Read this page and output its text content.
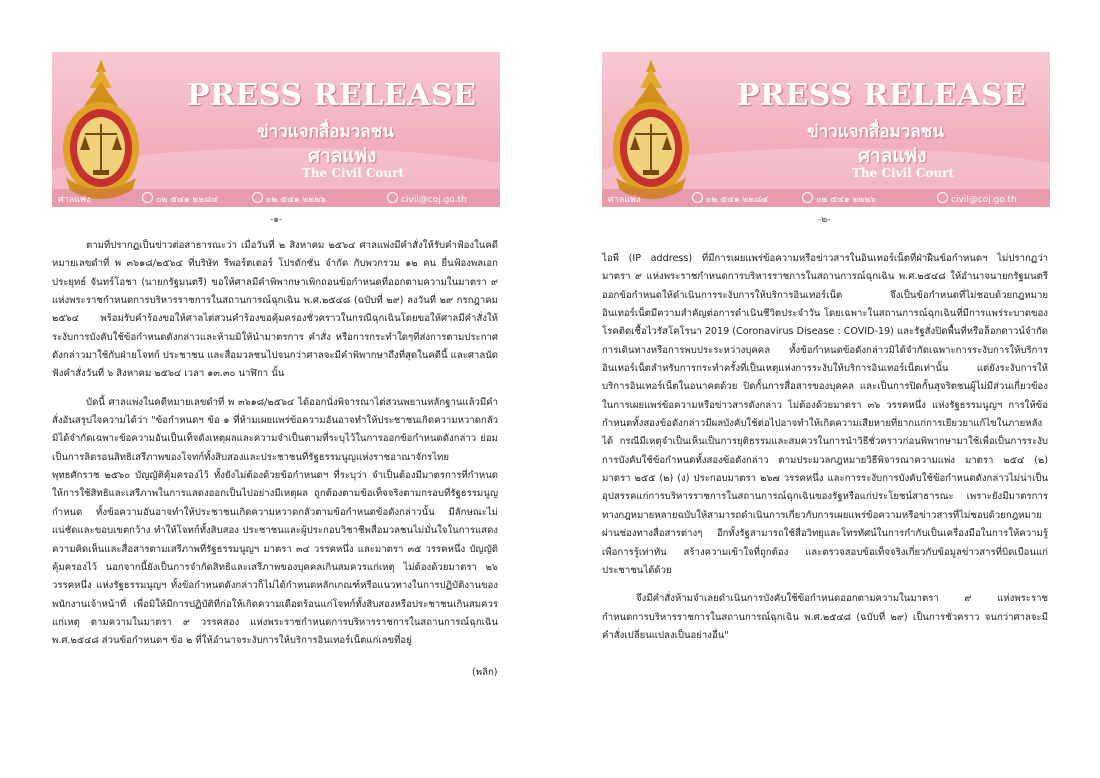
PRESS RELEASE
ข่าวแจกสื่อมวลชน
ศาลแพ่ง
The Civil Court
ศาลแพ่ง	๐๒ ๕๔๑ ๒๒๘๔	๐๒ ๕๔๑ ๒๒๒๖	civil@coj.go.th
-๑-

ตามที่ปรากฏเป็นข่าวต่อสาธารณะว่า เมื่อวันที่ ๒ สิงหาคม ๒๕๖๔ ศาลแพ่งมีคำสั่งให้รับคำฟ้องในคดีหมายเลขดำที่ พ ๓๖๑๘/๒๕๖๔ ที่บริษัท รีพอร์ตเตอร์ โปรดักชั่น จำกัด กับพวกรวม ๑๒ คน ยื่นฟ้องพลเอกประยุทธ์ จันทร์โอชา (นายกรัฐมนตรี) ขอให้ศาลมีคำพิพากษาเพิกถอนข้อกำหนดที่ออกตามความในมาตรา ๙ แห่งพระราชกำหนดการบริหารราชการในสถานการณ์ฉุกเฉิน พ.ศ.๒๕๔๘ (ฉบับที่ ๒๙) ลงวันที่ ๒๙ กรกฎาคม ๒๕๖๔ พร้อมรับคำร้องขอให้ศาลไต่สวนคำร้องขอคุ้มครองชั่วคราวในกรณีฉุกเฉินโดยขอให้ศาลมีคำสั่งให้ระงับการบังคับใช้ข้อกำหนดดังกล่าวและห้ามมิให้นำมาตรการ คำสั่ง หรือการกระทำใดๆที่ส่งการตามประกาศดังกล่าวมาใช้กับฝ่ายโจทก์ ประชาชน และสื่อมวลชนไปจนกว่าศาลจะมีคำพิพากษาถึงที่สุดในคดีนี้ และศาลนัดฟังคำสั่งวันที่ ๖ สิงหาคม ๒๕๖๔ เวลา ๑๓.๓๐ นาฬิกา นั้น

บัดนี้ ศาลแพ่งในคดีหมายเลขดำที่ พ ๓๖๑๘/๒๕๖๔ ได้ออกนั่งพิจารณาไต่สวนพยานหลักฐานแล้วมีคำสั่งอันสรุปใจความได้ว่า "ข้อกำหนดฯ ข้อ ๑ ที่ห้ามเผยแพร่ข้อความอันอาจทำให้ประชาชนเกิดความหวาดกลัว มิได้จำกัดเฉพาะข้อความอันเป็นเท็จดังเหตุผลและความจำเป็นตามที่ระบุไว้ในการออกข้อกำหนดดังกล่าว ย่อมเป็นการลิดรอนสิทธิเสรีภาพของโจทก์ทั้งสิบสองและประชาชนที่รัฐธรรมนูญแห่งราชอาณาจักรไทย พุทธศักราช ๒๕๖๐ บัญญัติคุ้มครองไว้ ทั้งยังไม่ต้องด้วยข้อกำหนดฯ ที่ระบุว่า จำเป็นต้องมีมาตรการที่กำหนดให้การใช้สิทธิและเสรีภาพในการแสดงออกเป็นไปอย่างมีเหตุผล ถูกต้องตามข้อเท็จจริงตามกรอบที่รัฐธรรมนูญกำหนด ทั้งข้อความอันอาจทำให้ประชาชนเกิดความหวาดกลัวตามข้อกำหนดข้อดังกล่าวนั้น มีลักษณะไม่แน่ชัดและขอบเขตกว้าง ทำให้โจทก์ทั้งสิบสอง ประชาชนและผู้ประกอบวิชาชีพสื่อมวลชนไม่มั่นใจในการแสดงความคิดเห็นและสื่อสารตามเสรีภาพที่รัฐธรรมนูญฯ มาตรา ๓๔ วรรคหนึ่ง และมาตรา ๓๕ วรรคหนึ่ง บัญญัติคุ้มครองไว้ นอกจากนี้ยังเป็นการจำกัดสิทธิและเสรีภาพของบุคคลเกินสมควรแก่เหตุ ไม่ต้องด้วยมาตรา ๒๖ วรรคหนึ่ง แห่งรัฐธรรมนูญฯ ทั้งข้อกำหนดดังกล่าวก็ไม่ได้กำหนดหลักเกณฑ์หรือแนวทางในการปฏิบัติงานของพนักงานเจ้าหน้าที่ เพื่อมิให้มีการปฏิบัติที่ก่อให้เกิดความเดือดร้อนแก่โจทก์ทั้งสิบสองหรือประชาชนเกินสมควรแก่เหตุ ตามความในมาตรา ๙ วรรคสอง แห่งพระราชกำหนดการบริหารราชการในสถานการณ์ฉุกเฉิน พ.ศ.๒๕๔๘ ส่วนข้อกำหนดฯ ข้อ ๒ ที่ให้อำนาจระงับการให้บริการอินเทอร์เน็ตแก่เลขที่อยู่

(พลิก)
PRESS RELEASE
ข่าวแจกสื่อมวลชน
ศาลแพ่ง
The Civil Court
ศาลแพ่ง	๐๒ ๕๔๑ ๒๒๘๔	๐๒ ๕๔๑ ๒๒๒๖	civil@coj.go.th
-๒-

ไอพี (IP address) ที่มีการเผยแพร่ข้อความหรือข่าวสารในอินเทอร์เน็ตที่ฝ่าฝืนข้อกำหนดฯ ไม่ปรากฏว่ามาตรา ๙ แห่งพระราชกำหนดการบริหารราชการในสถานการณ์ฉุกเฉิน พ.ศ.๒๕๔๘ ให้อำนาจนายกรัฐมนตรีออกข้อกำหนดให้ดำเนินการระงับการให้บริการอินเทอร์เน็ต จึงเป็นข้อกำหนดที่ไม่ชอบด้วยกฎหมาย อินเทอร์เน็ตมีความสำคัญต่อการดำเนินชีวิตประจำวัน โดยเฉพาะในสถานการณ์ฉุกเฉินที่มีการแพร่ระบาดของโรคติดเชื้อไวรัสโคโรนา 2019 (Coronavirus Disease : COVID-19) และรัฐสั่งปิดพื้นที่หรือล็อกดาวน์จำกัดการเดินทางหรือการพบประระหว่างบุคคล ทั้งข้อกำหนดข้อดังกล่าวมิได้จำกัดเฉพาะการระงับการให้บริการอินเทอร์เน็ตสำหรับการกระทำครั้งที่เป็นเหตุแห่งการระงับให้บริการอินเทอร์เน็ตเท่านั้น แต่ยังระงับการให้บริการอินเทอร์เน็ตในอนาคตด้วย ปิดกั้นการสื่อสารของบุคคล และเป็นการปิดกั้นสุจริตชนผู้ไม่มีส่วนเกี่ยวข้องในการเผยแพร่ข้อความหรือข่าวสารดังกล่าว ไม่ต้องด้วยมาตรา ๓๖ วรรคหนึ่ง แห่งรัฐธรรมนูญฯ การให้ข้อกำหนดทั้งสองข้อดังกล่าวมีผลบังคับใช้ต่อไปอาจทำให้เกิดความเสียหายที่ยากแก่การเยียวยาแก้ไขในภายหลังได้ กรณีมีเหตุจำเป็นเห็นเป็นการยุติธรรมและสมควรในการนำวิธีชั่วคราวก่อนพิพากษามาใช้เพื่อเป็นการระงับการบังคับใช้ข้อกำหนดทั้งสองข้อดังกล่าว ตามประมวลกฎหมายวิธีพิจารณาความแพ่ง มาตรา ๒๕๔ (๒) มาตรา ๒๕๕ (๒) (ง) ประกอบมาตรา ๒๖๗ วรรคหนึ่ง และการระงับการบังคับใช้ข้อกำหนดดังกล่าวไม่น่าเป็นอุปสรรคแก่การบริหารราชการในสถานการณ์ฉุกเฉินของรัฐหรือแก่ประโยชน์สาธารณะ เพราะยังมีมาตรการทางกฎหมายหลายฉบับให้สามารถดำเนินการเกี่ยวกับการเผยแพร่ข้อความหรือข่าวสารที่ไม่ชอบด้วยกฎหมายผ่านช่องทางสื่อสารต่างๆ อีกทั้งรัฐสามารถใช้สื่อวิทยุและโทรทัศน์ในการกำกับเป็นเครื่องมือในการให้ความรู้เพื่อการรู้เท่าทัน สร้างความเข้าใจที่ถูกต้อง และตรวจสอบข้อเท็จจริงเกี่ยวกับข้อมูลข่าวสารที่บิดเบือนแก่ประชาชนได้ด้วย

จึงมีคำสั่งห้ามจำเลยดำเนินการบังคับใช้ข้อกำหนดออกตามความในมาตรา ๙ แห่งพระราชกำหนดการบริหารราชการในสถานการณ์ฉุกเฉิน พ.ศ.๒๕๔๘ (ฉบับที่ ๒๙) เป็นการชั่วคราว จนกว่าศาลจะมีคำสั่งเปลี่ยนแปลงเป็นอย่างอื่น"
